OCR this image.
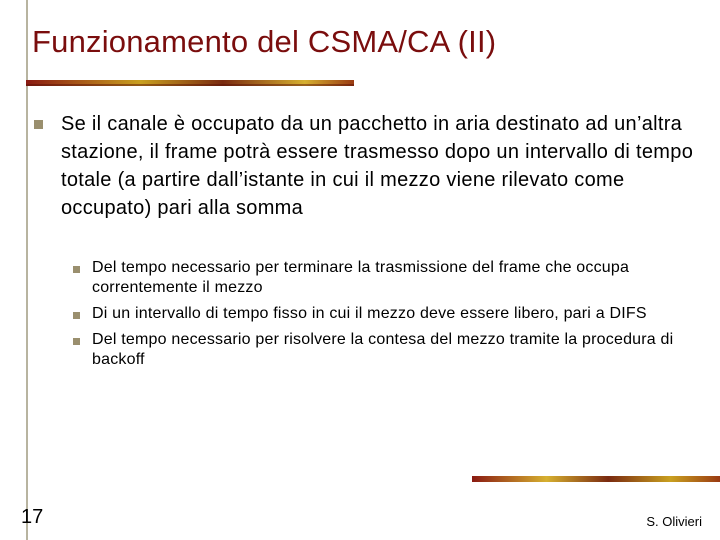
Funzionamento del CSMA/CA (II)

Se il canale è occupato da un pacchetto in aria destinato ad un’altra stazione, il frame potrà essere trasmesso dopo un intervallo di tempo totale (a partire dall’istante in cui il mezzo viene rilevato come occupato) pari alla somma

Del tempo necessario per terminare la trasmissione del frame che occupa correntemente il mezzo
Di un intervallo di tempo fisso in cui il mezzo deve essere libero, pari a DIFS
Del tempo necessario per risolvere la contesa del mezzo tramite la procedura di backoff
17	S. Olivieri
